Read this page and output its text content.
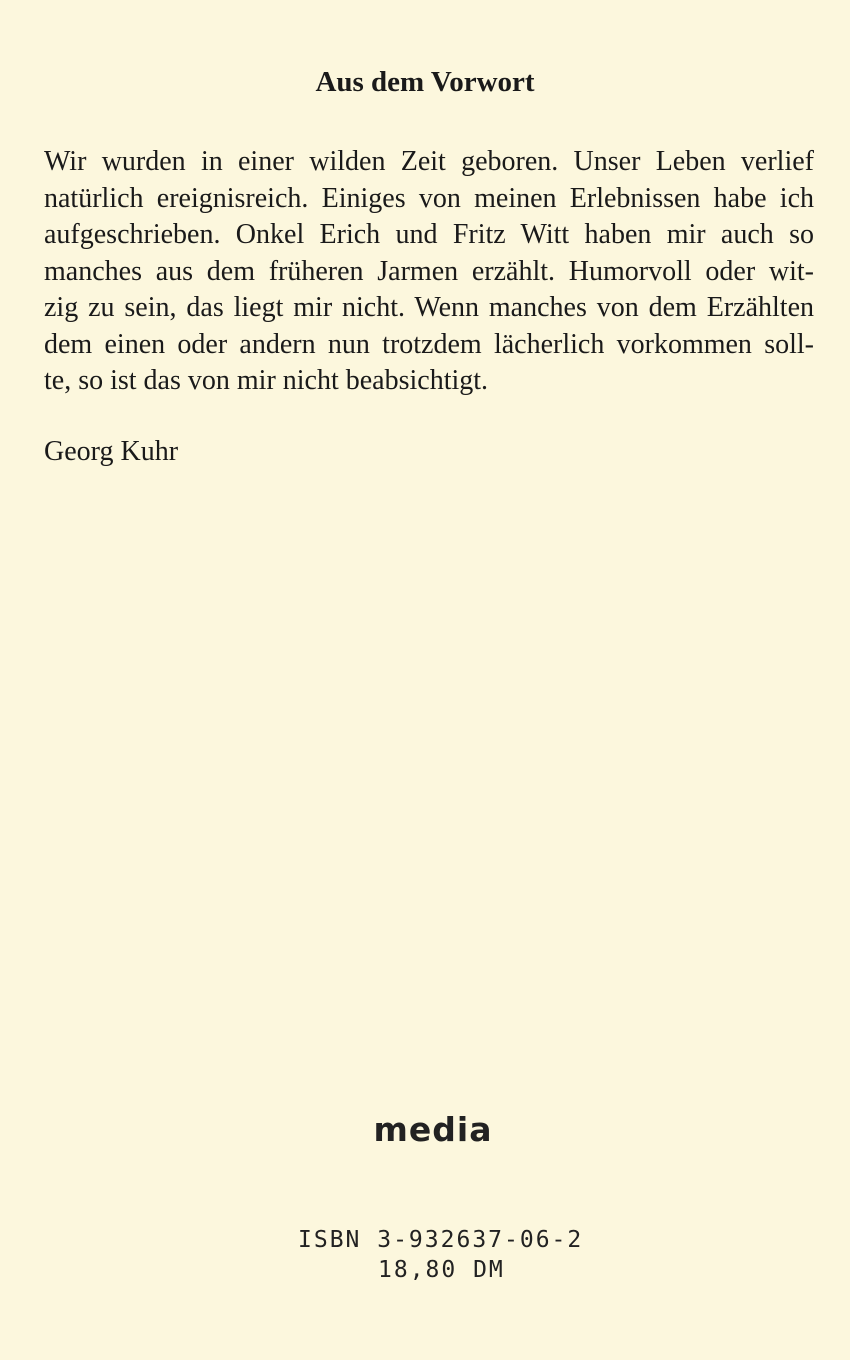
Aus dem Vorwort
Wir wurden in einer wilden Zeit geboren. Unser Leben verlief
natürlich ereignisreich. Einiges von meinen Erlebnissen habe ich
aufgeschrieben. Onkel Erich und Fritz Witt haben mir auch so
manches aus dem früheren Jarmen erzählt. Humorvoll oder wit-
zig zu sein, das liegt mir nicht. Wenn manches von dem Erzählten
dem einen oder andern nun trotzdem lächerlich vorkommen soll-
te, so ist das von mir nicht beabsichtigt.

Georg Kuhr

media
ISBN 3-932637-06-2
18,80 DM
